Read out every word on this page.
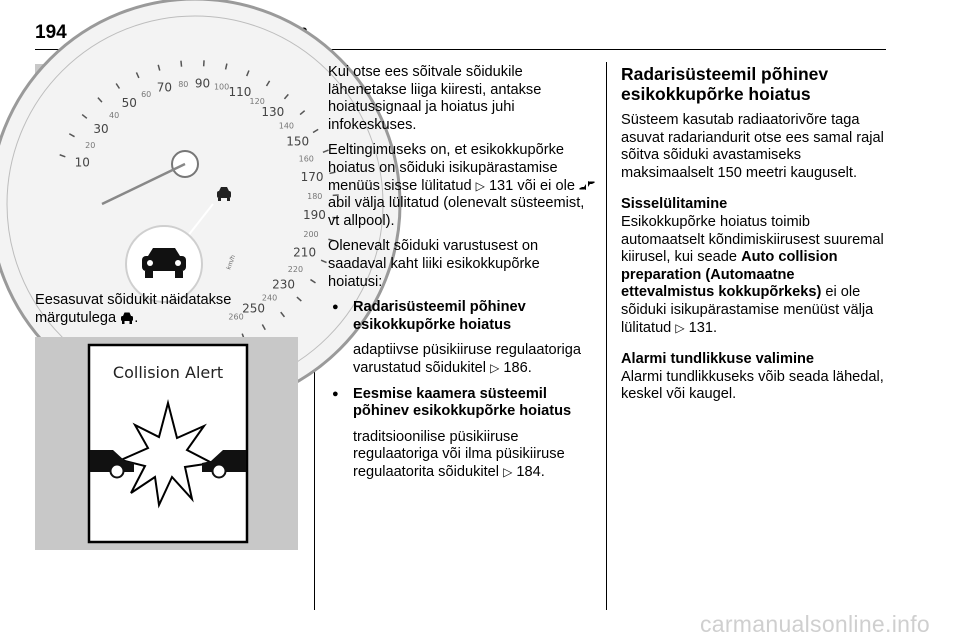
194
10
20
30
40
50
60 70 80 90 100 110
120
130
140
150
160
170
180
190
200
210
220
230
240
250
260
km/h
Eesasuvat sõidukit näidatakse märgutulega .
Collision Alert

Kui otse ees sõitvale sõidukile lähenetakse liiga kiiresti, antakse hoiatussignaal ja hoiatus juhi infokeskuses.

Eeltingimuseks on, et esikokkupõrke hoiatus on sõiduki isikupärastamise menüüs sisse lülitatud ▷ 131 või ei ole  abil välja lülitatud (olenevalt süsteemist, vt allpool).

Olenevalt sõiduki varustusest on saadaval kaht liiki esikokkupõrke hoiatusi:

● Radarisüsteemil põhinev esikokkupõrke hoiatus
adaptiivse püsikiiruse regulaatoriga varustatud sõidukitel ▷ 186.
● Eesmise kaamera süsteemil põhinev esikokkupõrke hoiatus
traditsioonilise püsikiiruse regulaatoriga või ilma püsikiiruse regulaatorita sõidukitel ▷ 184.
Radarisüsteemil põhinev esikokkupõrke hoiatus

Süsteem kasutab radiaatorivõre taga asuvat radariandurit otse ees samal rajal sõitva sõiduki avastamiseks maksimaalselt 150 meetri kauguselt.

Sisselülitamine

Esikokkupõrke hoiatus toimib automaatselt kõndimiskiirusest suuremal kiirusel, kui seade Auto collision preparation (Automaatne ettevalmistus kokkupõrkeks) ei ole sõiduki isikupärastamise menüüst välja lülitatud ▷ 131.

Alarmi tundlikkuse valimine

Alarmi tundlikkuseks võib seada lähedal, keskel või kaugel.

carmanualsonline.info
